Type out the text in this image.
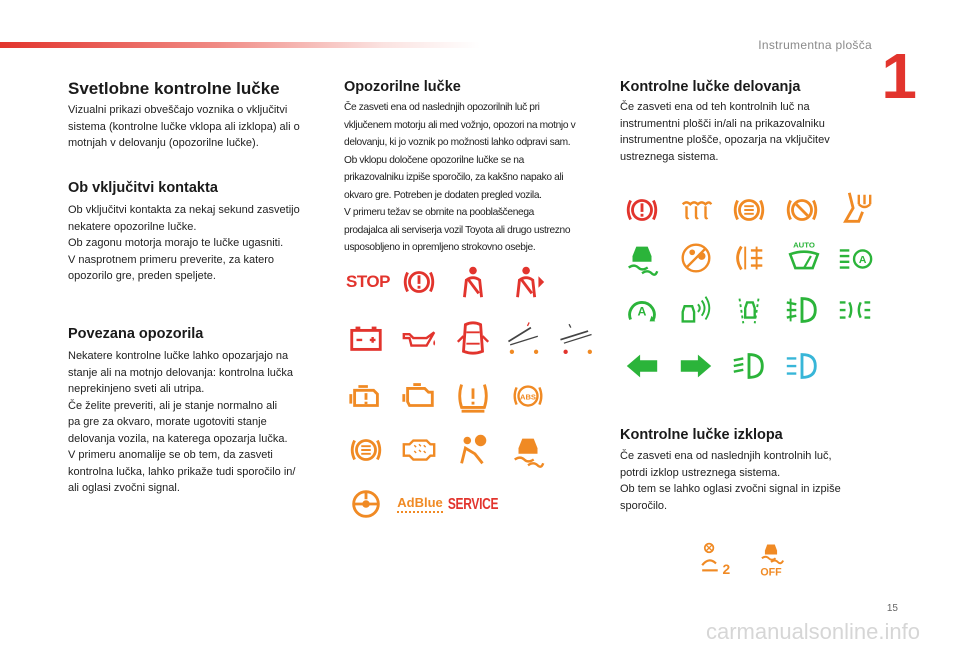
Instrumentna plošča 1
Svetlobne kontrolne lučke

Vizualni prikazi obveščajo voznika o vključitvi
sistema (kontrolne lučke vklopa ali izklopa) ali o
motnjah v delovanju (opozorilne lučke).

Ob vključitvi kontakta

Ob vključitvi kontakta za nekaj sekund zasvetijo
nekatere opozorilne lučke.
Ob zagonu motorja morajo te lučke ugasniti.
V nasprotnem primeru preverite, za katero
opozorilo gre, preden speljete.

Povezana opozorila

Nekatere kontrolne lučke lahko opozarjajo na
stanje ali na motnjo delovanja: kontrolna lučka
neprekinjeno sveti ali utripa.
Če želite preveriti, ali je stanje normalno ali
pa gre za okvaro, morate ugotoviti stanje
delovanja vozila, na katerega opozarja lučka.
V primeru anomalije se ob tem, da zasveti
kontrolna lučka, lahko prikaže tudi sporočilo in/
ali oglasi zvočni signal.

Opozorilne lučke

Če zasveti ena od naslednjih opozorilnih luč pri
vključenem motorju ali med vožnjo, opozori na motnjo v
delovanju, ki jo voznik po možnosti lahko odpravi sam.
Ob vklopu določene opozorilne lučke se na
prikazovalniku izpiše sporočilo, za kakšno napako ali
okvaro gre. Potreben je dodaten pregled vozila.
V primeru težav se obrnite na pooblaščenega
prodajalca ali serviserja vozil Toyota ali drugo ustrezno
usposobljeno in opremljeno strokovno osebje.

STOP
ABS
AdBlue SERVICE
Kontrolne lučke delovanja

Če zasveti ena od teh kontrolnih luč na
instrumentni plošči in/ali na prikazovalniku
instrumentne plošče, opozarja na vključitev
ustreznega sistema.

AUTO
A
A
Kontrolne lučke izklopa

Če zasveti ena od naslednjih kontrolnih luč,
potrdi izklop ustreznega sistema.
Ob tem se lahko oglasi zvočni signal in izpiše
sporočilo.

2 OFF
15
carmanualsonline.info
